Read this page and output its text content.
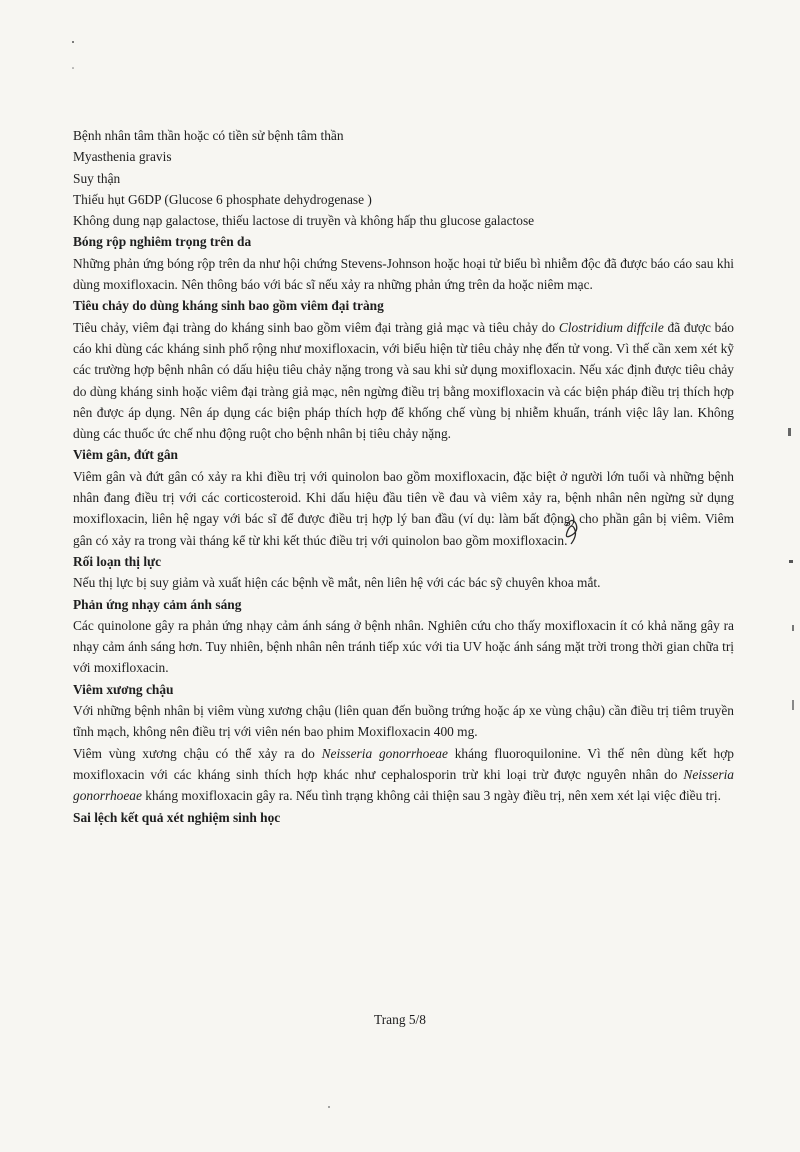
Bệnh nhân tâm thần hoặc có tiền sử bệnh tâm thần
Myasthenia gravis
Suy thận
Thiếu hụt G6DP (Glucose 6 phosphate dehydrogenase )
Không dung nạp galactose, thiếu lactose di truyền và không hấp thu glucose galactose
Bóng rộp nghiêm trọng trên da

Những phản ứng bóng rộp trên da như hội chứng Stevens-Johnson hoặc hoại tử biểu bì nhiễm độc đã được báo cáo sau khi dùng moxifloxacin. Nên thông báo với bác sĩ nếu xảy ra những phản ứng trên da hoặc niêm mạc.

Tiêu chảy do dùng kháng sinh bao gồm viêm đại tràng

Tiêu chảy, viêm đại tràng do kháng sinh bao gồm viêm đại tràng giả mạc và tiêu chảy do Clostridium diffcile đã được báo cáo khi dùng các kháng sinh phổ rộng như moxifloxacin, với biểu hiện từ tiêu chảy nhẹ đến tử vong. Vì thế cần xem xét kỹ các trường hợp bệnh nhân có dấu hiệu tiêu chảy nặng trong và sau khi sử dụng moxifloxacin. Nếu xác định được tiêu chảy do dùng kháng sinh hoặc viêm đại tràng giả mạc, nên ngừng điều trị bằng moxifloxacin và các biện pháp điều trị thích hợp nên được áp dụng. Nên áp dụng các biện pháp thích hợp để khống chế vùng bị nhiễm khuẩn, tránh việc lây lan. Không dùng các thuốc ức chế nhu động ruột cho bệnh nhân bị tiêu chảy nặng.

Viêm gân, đứt gân

Viêm gân và đứt gân có xảy ra khi điều trị với quinolon bao gồm moxifloxacin, đặc biệt ở người lớn tuổi và những bệnh nhân đang điều trị với các corticosteroid. Khi dấu hiệu đầu tiên về đau và viêm xảy ra, bệnh nhân nên ngừng sử dụng moxifloxacin, liên hệ ngay với bác sĩ để được điều trị hợp lý ban đầu (ví dụ: làm bất động) cho phần gân bị viêm. Viêm gân có xảy ra trong vài tháng kể từ khi kết thúc điều trị với quinolon bao gồm moxifloxacin.

Rối loạn thị lực

Nếu thị lực bị suy giảm và xuất hiện các bệnh về mắt, nên liên hệ với các bác sỹ chuyên khoa mắt.

Phản ứng nhạy cảm ánh sáng

Các quinolone gây ra phản ứng nhạy cảm ánh sáng ở bệnh nhân. Nghiên cứu cho thấy moxifloxacin ít có khả năng gây ra nhạy cảm ánh sáng hơn. Tuy nhiên, bệnh nhân nên tránh tiếp xúc với tia UV hoặc ánh sáng mặt trời trong thời gian chữa trị với moxifloxacin.

Viêm xương chậu

Với những bệnh nhân bị viêm vùng xương chậu (liên quan đến buồng trứng hoặc áp xe vùng chậu) cần điều trị tiêm truyền tĩnh mạch, không nên điều trị với viên nén bao phim Moxifloxacin 400 mg.

Viêm vùng xương chậu có thể xảy ra do Neisseria gonorrhoeae kháng fluoroquilonine. Vì thế nên dùng kết hợp moxifloxacin với các kháng sinh thích hợp khác như cephalosporin trừ khi loại trừ được nguyên nhân do Neisseria gonorrhoeae kháng moxifloxacin gây ra. Nếu tình trạng không cải thiện sau 3 ngày điều trị, nên xem xét lại việc điều trị.

Sai lệch kết quả xét nghiệm sinh học
Trang 5/8
